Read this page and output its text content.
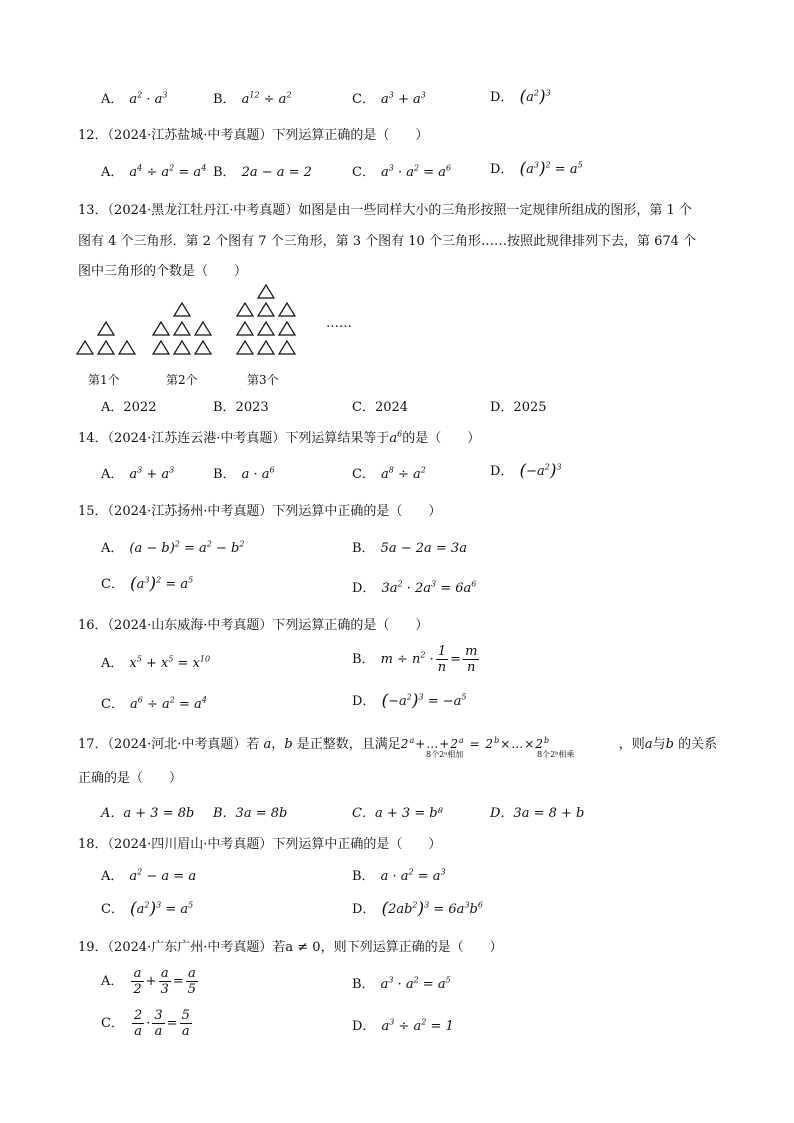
A． $a^2 \cdot a^3$	B． $a^{12} \div a^2$	C． $a^3 + a^3$	D． $(a^2)^3$
12．（2024·江苏盐城·中考真题）下列运算正确的是（　　）
A． $a^4 \div a^2 = a^4$ B． 2a − a = 2	C． $a^3 \cdot a^2 = a^6$	D． $(a^3)^2 = a^5$
13．（2024·黑龙江牡丹江·中考真题）如图是由一些同样大小的三角形按照一定规律所组成的图形，第 1 个
图有 4 个三角形．第 2 个图有 7 个三角形，第 3 个图有 10 个三角形……按照此规律排列下去，第 674 个
图中三角形的个数是（　　）
……
第1个	第2个	第3个
A．2022	B．2023	C．2024	D．2025
14．（2024·江苏连云港·中考真题）下列运算结果等于$a^6$的是（　　）
A． $a^3 + a^3$	B． $a \cdot a^6$	C． $a^8 \div a^2$	D． $(-a^2)^3$
15．（2024·江苏扬州·中考真题）下列运算中正确的是（　　）
A． $(a - b)^2 = a^2 - b^2$	B． 5a − 2a = 3a
C． $(a^3)^2 = a^5$
D． $3a^2 \cdot 2a^3 = 6a^6$
16．（2024·山东威海·中考真题）下列运算正确的是（　　）
A． $x^5 + x^5 = x^{10}$	B． $m \div n^2 \cdot \frac{1}{n} = \frac{m}{n}$
C． $a^6 \div a^2 = a^4$	D． $(-a^2)^3 = -a^5$
17．（2024·河北·中考真题）若 a，b 是正整数，且满足$2^a+\dots+2^a$ = $2^b\times\dots\times 2^b$	，则a与b 的关系
8个2ᵃ相加	8个2ᵇ相乘
正确的是（　　）
A．a + 3 = 8b B．3a = 8b	C．a + 3 = b⁸	D．3a = 8 + b
18．（2024·四川眉山·中考真题）下列运算中正确的是（　　）
A． $a^2 - a = a$	B． $a \cdot a^2 = a^3$
C． $(a^2)^3 = a^5$	D． $(2ab^2)^3 = 6a^3b^6$
19．（2024·广东广州·中考真题）若a ≠ 0，则下列运算正确的是（　　）
A． $\frac{a}{2} + \frac{a}{3} = \frac{a}{5}$	B． $a^3 \cdot a^2 = a^5$
C． $\frac{2}{a} \cdot \frac{3}{a} = \frac{5}{a}$	D． $a^3 \div a^2 = 1$
